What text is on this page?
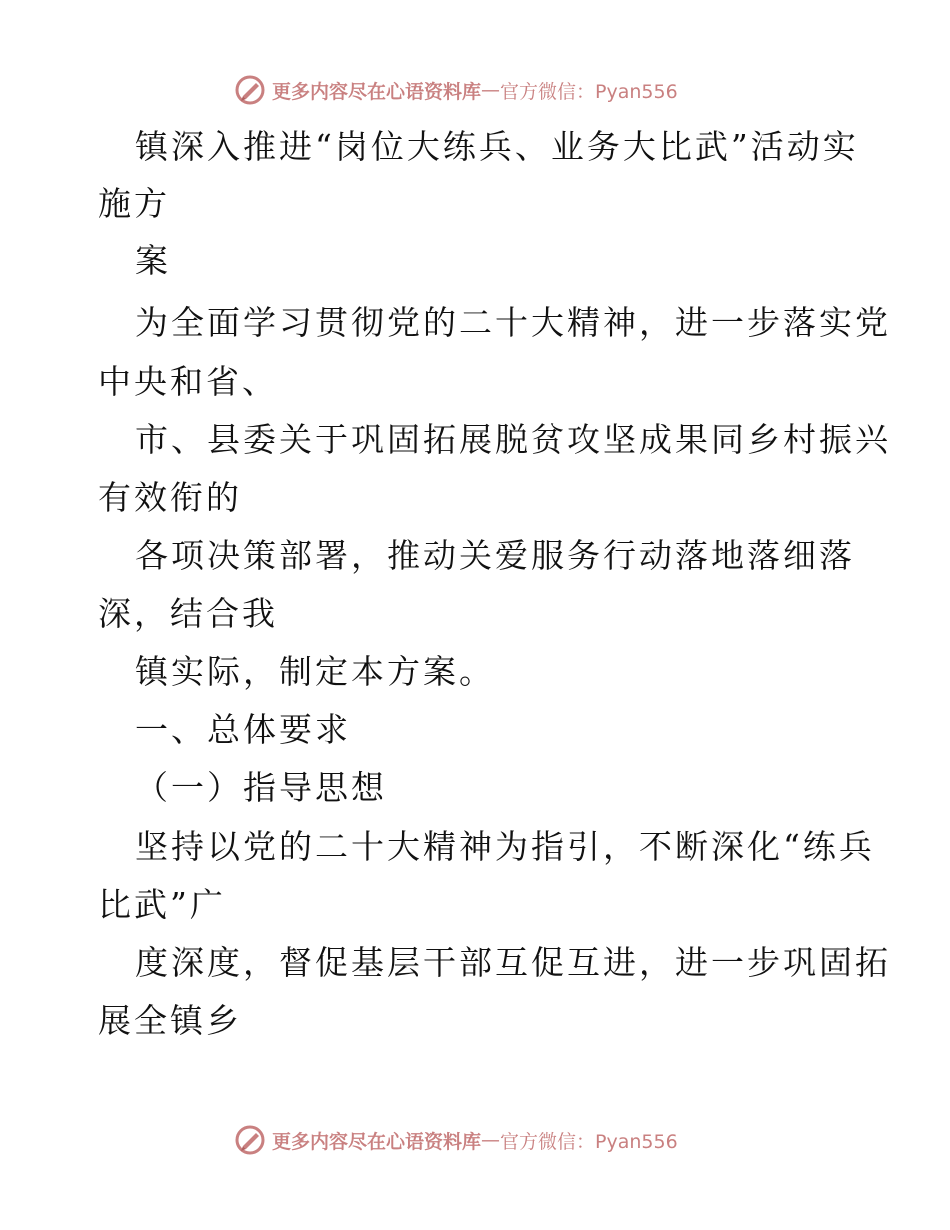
更多内容尽在心语资料库 — 官方微信：Pyan556
镇深入推进“岗位大练兵、业务大比武”活动实
施方
案
为全面学习贯彻党的二十大精神，进一步落实党
中央和省、
市、县委关于巩固拓展脱贫攻坚成果同乡村振兴
有效衔的
各项决策部署，推动关爱服务行动落地落细落
深，结合我
镇实际，制定本方案。
一、总体要求
（一）指导思想
坚持以党的二十大精神为指引，不断深化“练兵
比武”广
度深度，督促基层干部互促互进，进一步巩固拓
展全镇乡
更多内容尽在心语资料库 — 官方微信：Pyan556
